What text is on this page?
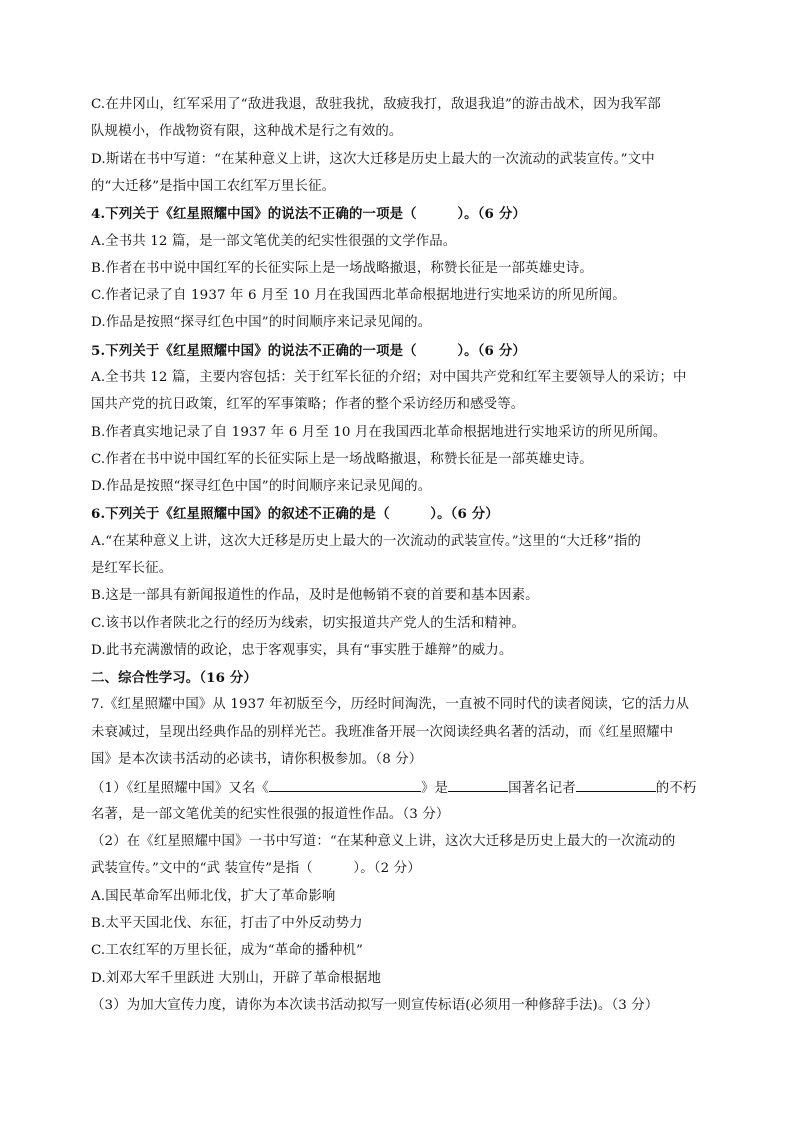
C.在井冈山，红军采用了“敌进我退，敌驻我扰，敌疲我打，敌退我追”的游击战术，因为我军部
队规模小，作战物资有限，这种战术是行之有效的。
D.斯诺在书中写道：“在某种意义上讲，这次大迁移是历史上最大的一次流动的武装宣传。”文中
的“大迁移”是指中国工农红军万里长征。
4.下列关于《红星照耀中国》的说法不正确的一项是（　　　）。（6 分）
A.全书共 12 篇，是一部文笔优美的纪实性很强的文学作品。
B.作者在书中说中国红军的长征实际上是一场战略撤退，称赞长征是一部英雄史诗。
C.作者记录了自 1937 年 6 月至 10 月在我国西北革命根据地进行实地采访的所见所闻。
D.作品是按照“探寻红色中国”的时间顺序来记录见闻的。
5.下列关于《红星照耀中国》的说法不正确的一项是（　　　）。（6 分）
A.全书共 12 篇，主要内容包括：关于红军长征的介绍；对中国共产党和红军主要领导人的采访；中
国共产党的抗日政策，红军的军事策略；作者的整个采访经历和感受等。
B.作者真实地记录了自 1937 年 6 月至 10 月在我国西北革命根据地进行实地采访的所见所闻。
C.作者在书中说中国红军的长征实际上是一场战略撤退，称赞长征是一部英雄史诗。
D.作品是按照“探寻红色中国”的时间顺序来记录见闻的。
6.下列关于《红星照耀中国》的叙述不正确的是（　　　）。（6 分）
A.“在某种意义上讲，这次大迁移是历史上最大的一次流动的武装宣传。”这里的“大迁移”指的
是红军长征。
B.这是一部具有新闻报道性的作品，及时是他畅销不衰的首要和基本因素。
C.该书以作者陕北之行的经历为线索，切实报道共产党人的生活和精神。
D.此书充满激情的政论，忠于客观事实，具有“事实胜于雄辩”的威力。
二、综合性学习。（16 分）
7.《红星照耀中国》从 1937 年初版至今，历经时间淘洗，一直被不同时代的读者阅读，它的活力从
未衰减过，呈现出经典作品的别样光芒。我班准备开展一次阅读经典名著的活动，而《红星照耀中
国》是本次读书活动的必读书，请你积极参加。（8 分）
（1）《红星照耀中国》又名《	》是	国著名记者	的不朽
名著，是一部文笔优美的纪实性很强的报道性作品。（3 分）
（2）在《红星照耀中国》一书中写道：“在某种意义上讲，这次大迁移是历史上最大的一次流动的
武装宣传。”文中的“武 装宣传”是指（　　　）。（2 分）
A.国民革命军出师北伐，扩大了革命影响
B.太平天国北伐、东征，打击了中外反动势力
C.工农红军的万里长征，成为“革命的播种机”
D.刘邓大军千里跃进 大别山，开辟了革命根据地
（3）为加大宣传力度，请你为本次读书活动拟写一则宣传标语(必须用一种修辞手法)。（3 分）
